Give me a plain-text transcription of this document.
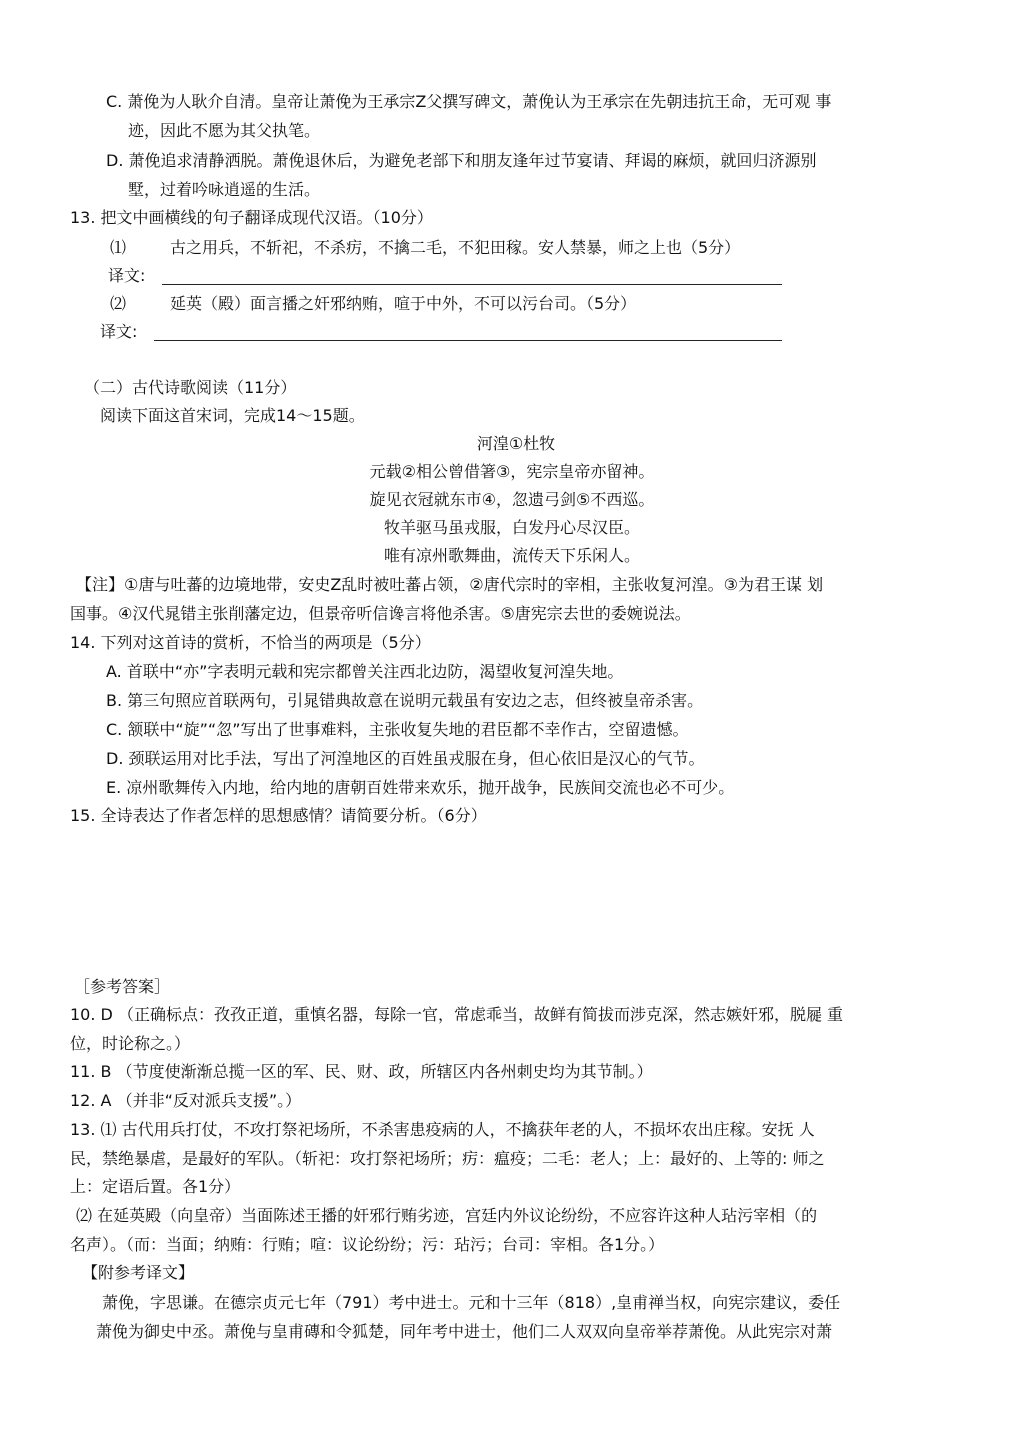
C. 萧俛为人耿介自清。皇帝让萧俛为王承宗Z父撰写碑文，萧俛认为王承宗在先朝违抗王命，无可观 事
迹，因此不愿为其父执笔。
D. 萧俛追求清静洒脱。萧俛退休后，为避免老部下和朋友逢年过节宴请、拜谒的麻烦，就回归济源别
墅，过着吟咏逍遥的生活。
13. 把文中画横线的句子翻译成现代汉语。（10分）
⑴	古之用兵，不斩祀，不杀疠，不擒二毛，不犯田稼。安人禁暴，师之上也（5分）
译文:
⑵	延英（殿）面言播之奸邪纳贿，喧于中外，不可以污台司。（5分）
译文:
（二）古代诗歌阅读（11分）
阅读下面这首宋词，完成14～15题。
河湟①杜牧
元载②相公曾借箸③，宪宗皇帝亦留神。
旋见衣冠就东市④，忽遗弓剑⑤不西巡。
牧羊驱马虽戎服，白发丹心尽汉臣。
唯有凉州歌舞曲，流传天下乐闲人。
【注】①唐与吐蕃的边境地带，安史Z乱时被吐蕃占领，②唐代宗时的宰相，主张收复河湟。③为君王谋 划
国事。④汉代晁错主张削藩定边，但景帝听信谗言将他杀害。⑤唐宪宗去世的委婉说法。
14. 下列对这首诗的赏析，不恰当的两项是（5分）
A. 首联中“亦”字表明元载和宪宗都曾关注西北边防，渴望收复河湟失地。
B. 第三句照应首联两句，引晁错典故意在说明元载虽有安边之志，但终被皇帝杀害。
C. 颔联中“旋”“忽”写出了世事难料，主张收复失地的君臣都不幸作古，空留遗憾。
D. 颈联运用对比手法，写出了河湟地区的百姓虽戎服在身，但心依旧是汉心的气节。
E. 凉州歌舞传入内地，给内地的唐朝百姓带来欢乐，抛开战争，民族间交流也必不可少。
15. 全诗表达了作者怎样的思想感情？请简要分析。（6分）
［参考答案］
10. D （正确标点：孜孜正道，重慎名器，每除一官，常虑乖当，故鲜有简拔而涉克深，然志嫉奸邪，脱屣 重
位，时论称之。）
11. B （节度使渐渐总揽一区的军、民、财、政，所辖区内各州刺史均为其节制。）
12. A （并非“反对派兵支援”。）
13. ⑴ 古代用兵打仗，不攻打祭祀场所，不杀害患疫病的人，不擒获年老的人，不损坏农出庄稼。安抚 人
民，禁绝暴虐，是最好的军队。（斩祀：攻打祭祀场所；疠：瘟疫；二毛：老人；上：最好的、上等的: 师之
上：定语后置。各1分）
⑵ 在延英殿（向皇帝）当面陈述王播的奸邪行贿劣迹，宫廷内外议论纷纷，不应容许这种人玷污宰相（的
名声）。（而：当面；纳贿：行贿；喧：议论纷纷；污：玷污；台司：宰相。各1分。）
【附参考译文】
萧俛，字思谦。在德宗贞元七年（791）考中进士。元和十三年（818）,皇甫禅当权，向宪宗建议，委任
萧俛为御史中丞。萧俛与皇甫磚和令狐楚，同年考中进士，他们二人双双向皇帝举荐萧俛。从此宪宗对萧
